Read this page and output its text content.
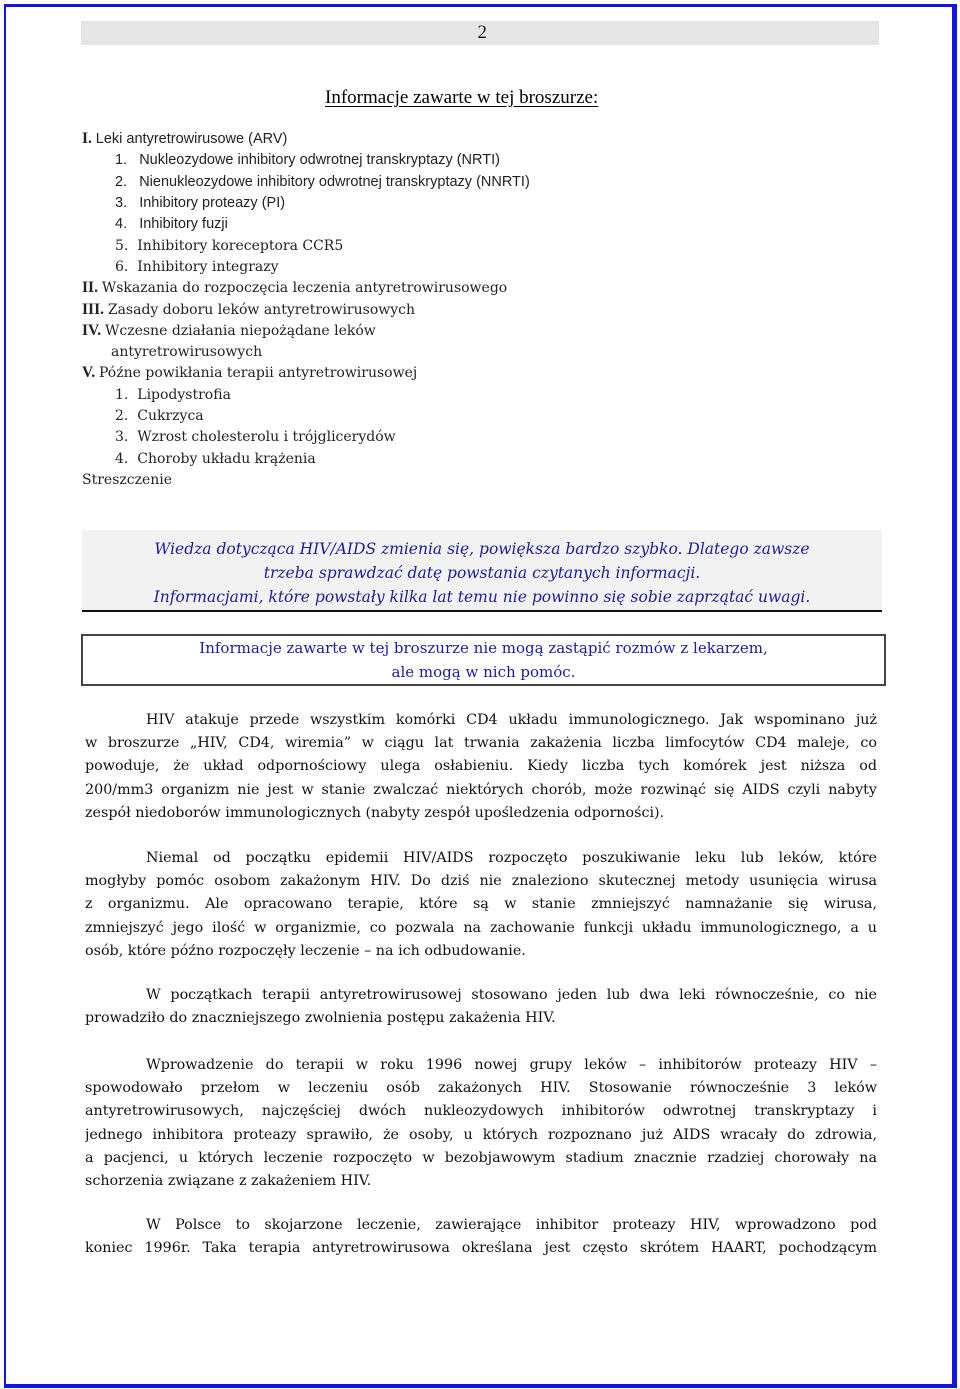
2
Informacje zawarte w tej broszurze:
I. Leki antyretrowirusowe (ARV)
1. Nukleozydowe inhibitory odwrotnej transkryptazy (NRTI)
2. Nienukleozydowe inhibitory odwrotnej transkryptazy (NNRTI)
3. Inhibitory proteazy (PI)
4. Inhibitory fuzji
5. Inhibitory koreceptora CCR5
6. Inhibitory integrazy
II. Wskazania do rozpoczęcia leczenia antyretrowirusowego
III. Zasady doboru leków antyretrowirusowych
IV. Wczesne działania niepożądane leków
antyretrowirusowych
V. Późne powikłania terapii antyretrowirusowej
1. Lipodystrofia
2. Cukrzyca
3. Wzrost cholesterolu i trójglicerydów
4. Choroby układu krążenia
Streszczenie
Wiedza dotycząca HIV/AIDS zmienia się, powiększa bardzo szybko. Dlatego zawsze
trzeba sprawdzać datę powstania czytanych informacji.
Informacjami, które powstały kilka lat temu nie powinno się sobie zaprzątać uwagi.
Informacje zawarte w tej broszurze nie mogą zastąpić rozmów z lekarzem,
ale mogą w nich pomóc.
HIV atakuje przede wszystkim komórki CD4 układu immunologicznego. Jak wspominano już
w broszurze „HIV, CD4, wiremia” w ciągu lat trwania zakażenia liczba limfocytów CD4 maleje, co
powoduje, że układ odpornościowy ulega osłabieniu. Kiedy liczba tych komórek jest niższa od
200/mm3 organizm nie jest w stanie zwalczać niektórych chorób, może rozwinąć się AIDS czyli nabyty
zespół niedoborów immunologicznych (nabyty zespół upośledzenia odporności).
Niemal od początku epidemii HIV/AIDS rozpoczęto poszukiwanie leku lub leków, które
mogłyby pomóc osobom zakażonym HIV. Do dziś nie znaleziono skutecznej metody usunięcia wirusa
z organizmu. Ale opracowano terapie, które są w stanie zmniejszyć namnażanie się wirusa,
zmniejszyć jego ilość w organizmie, co pozwala na zachowanie funkcji układu immunologicznego, a u
osób, które późno rozpoczęły leczenie – na ich odbudowanie.
W początkach terapii antyretrowirusowej stosowano jeden lub dwa leki równocześnie, co nie
prowadziło do znaczniejszego zwolnienia postępu zakażenia HIV.
Wprowadzenie do terapii w roku 1996 nowej grupy leków – inhibitorów proteazy HIV –
spowodowało przełom w leczeniu osób zakażonych HIV. Stosowanie równocześnie 3 leków
antyretrowirusowych, najczęściej dwóch nukleozydowych inhibitorów odwrotnej transkryptazy i
jednego inhibitora proteazy sprawiło, że osoby, u których rozpoznano już AIDS wracały do zdrowia,
a pacjenci, u których leczenie rozpoczęto w bezobjawowym stadium znacznie rzadziej chorowały na
schorzenia związane z zakażeniem HIV.
W Polsce to skojarzone leczenie, zawierające inhibitor proteazy HIV, wprowadzono pod
koniec 1996r. Taka terapia antyretrowirusowa określana jest często skrótem HAART, pochodzącym
